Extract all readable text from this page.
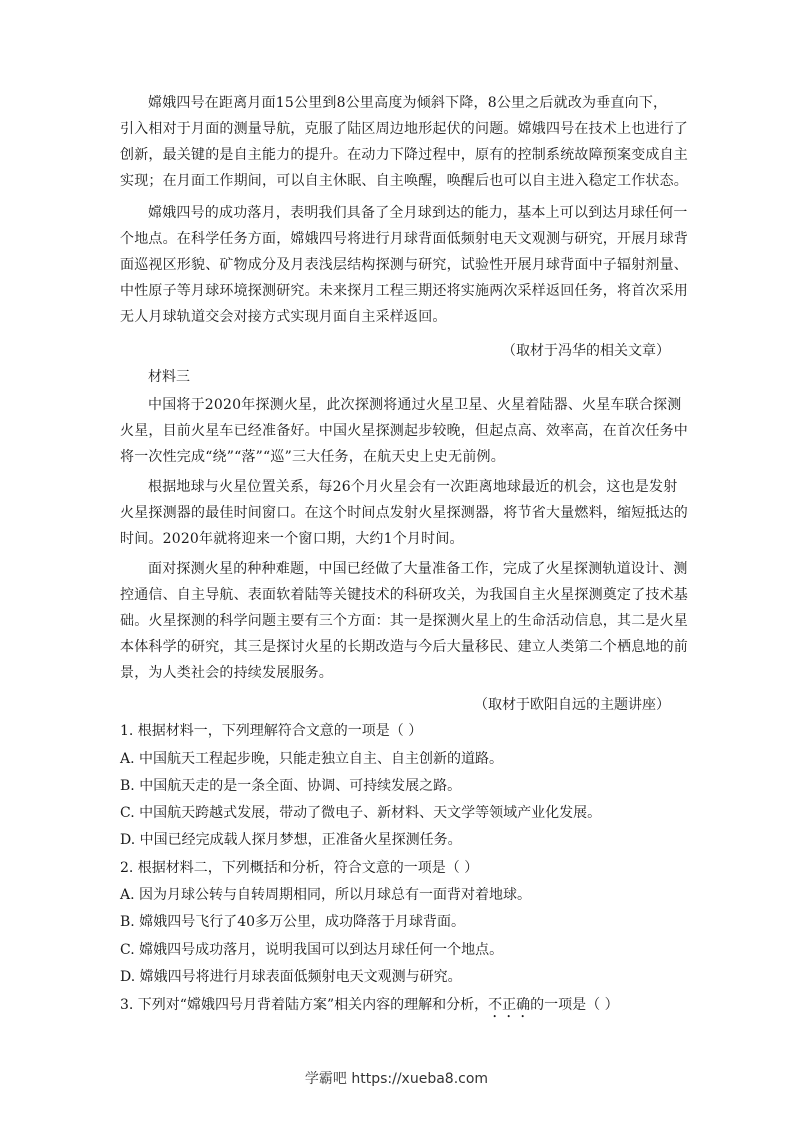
嫦娥四号在距离月面15公里到8公里高度为倾斜下降，8公里之后就改为垂直向下，
引入相对于月面的测量导航，克服了陆区周边地形起伏的问题。嫦娥四号在技术上也进行了
创新，最关键的是自主能力的提升。在动力下降过程中，原有的控制系统故障预案变成自主
实现；在月面工作期间，可以自主休眠、自主唤醒，唤醒后也可以自主进入稳定工作状态。
嫦娥四号的成功落月，表明我们具备了全月球到达的能力，基本上可以到达月球任何一
个地点。在科学任务方面，嫦娥四号将进行月球背面低频射电天文观测与研究，开展月球背
面巡视区形貌、矿物成分及月表浅层结构探测与研究，试验性开展月球背面中子辐射剂量、
中性原子等月球环境探测研究。未来探月工程三期还将实施两次采样返回任务，将首次采用
无人月球轨道交会对接方式实现月面自主采样返回。
（取材于冯华的相关文章）
材料三
中国将于2020年探测火星，此次探测将通过火星卫星、火星着陆器、火星车联合探测
火星，目前火星车已经准备好。中国火星探测起步较晚，但起点高、效率高，在首次任务中
将一次性完成“绕”“落”“巡”三大任务，在航天史上史无前例。
根据地球与火星位置关系，每26个月火星会有一次距离地球最近的机会，这也是发射
火星探测器的最佳时间窗口。在这个时间点发射火星探测器，将节省大量燃料，缩短抵达的
时间。2020年就将迎来一个窗口期，大约1个月时间。
面对探测火星的种种难题，中国已经做了大量准备工作，完成了火星探测轨道设计、测
控通信、自主导航、表面软着陆等关键技术的科研攻关，为我国自主火星探测奠定了技术基
础。火星探测的科学问题主要有三个方面：其一是探测火星上的生命活动信息，其二是火星
本体科学的研究，其三是探讨火星的长期改造与今后大量移民、建立人类第二个栖息地的前
景，为人类社会的持续发展服务。
（取材于欧阳自远的主题讲座）
1. 根据材料一，下列理解符合文意的一项是（ ）
A. 中国航天工程起步晚，只能走独立自主、自主创新的道路。
B. 中国航天走的是一条全面、协调、可持续发展之路。
C. 中国航天跨越式发展，带动了微电子、新材料、天文学等领域产业化发展。
D. 中国已经完成载人探月梦想，正准备火星探测任务。
2. 根据材料二，下列概括和分析，符合文意的一项是（ ）
A. 因为月球公转与自转周期相同，所以月球总有一面背对着地球。
B. 嫦娥四号飞行了40多万公里，成功降落于月球背面。
C. 嫦娥四号成功落月，说明我国可以到达月球任何一个地点。
D. 嫦娥四号将进行月球表面低频射电天文观测与研究。
3. 下列对“嫦娥四号月背着陆方案”相关内容的理解和分析，不正确的一项是（ ）
学霸吧 https://xueba8.com
